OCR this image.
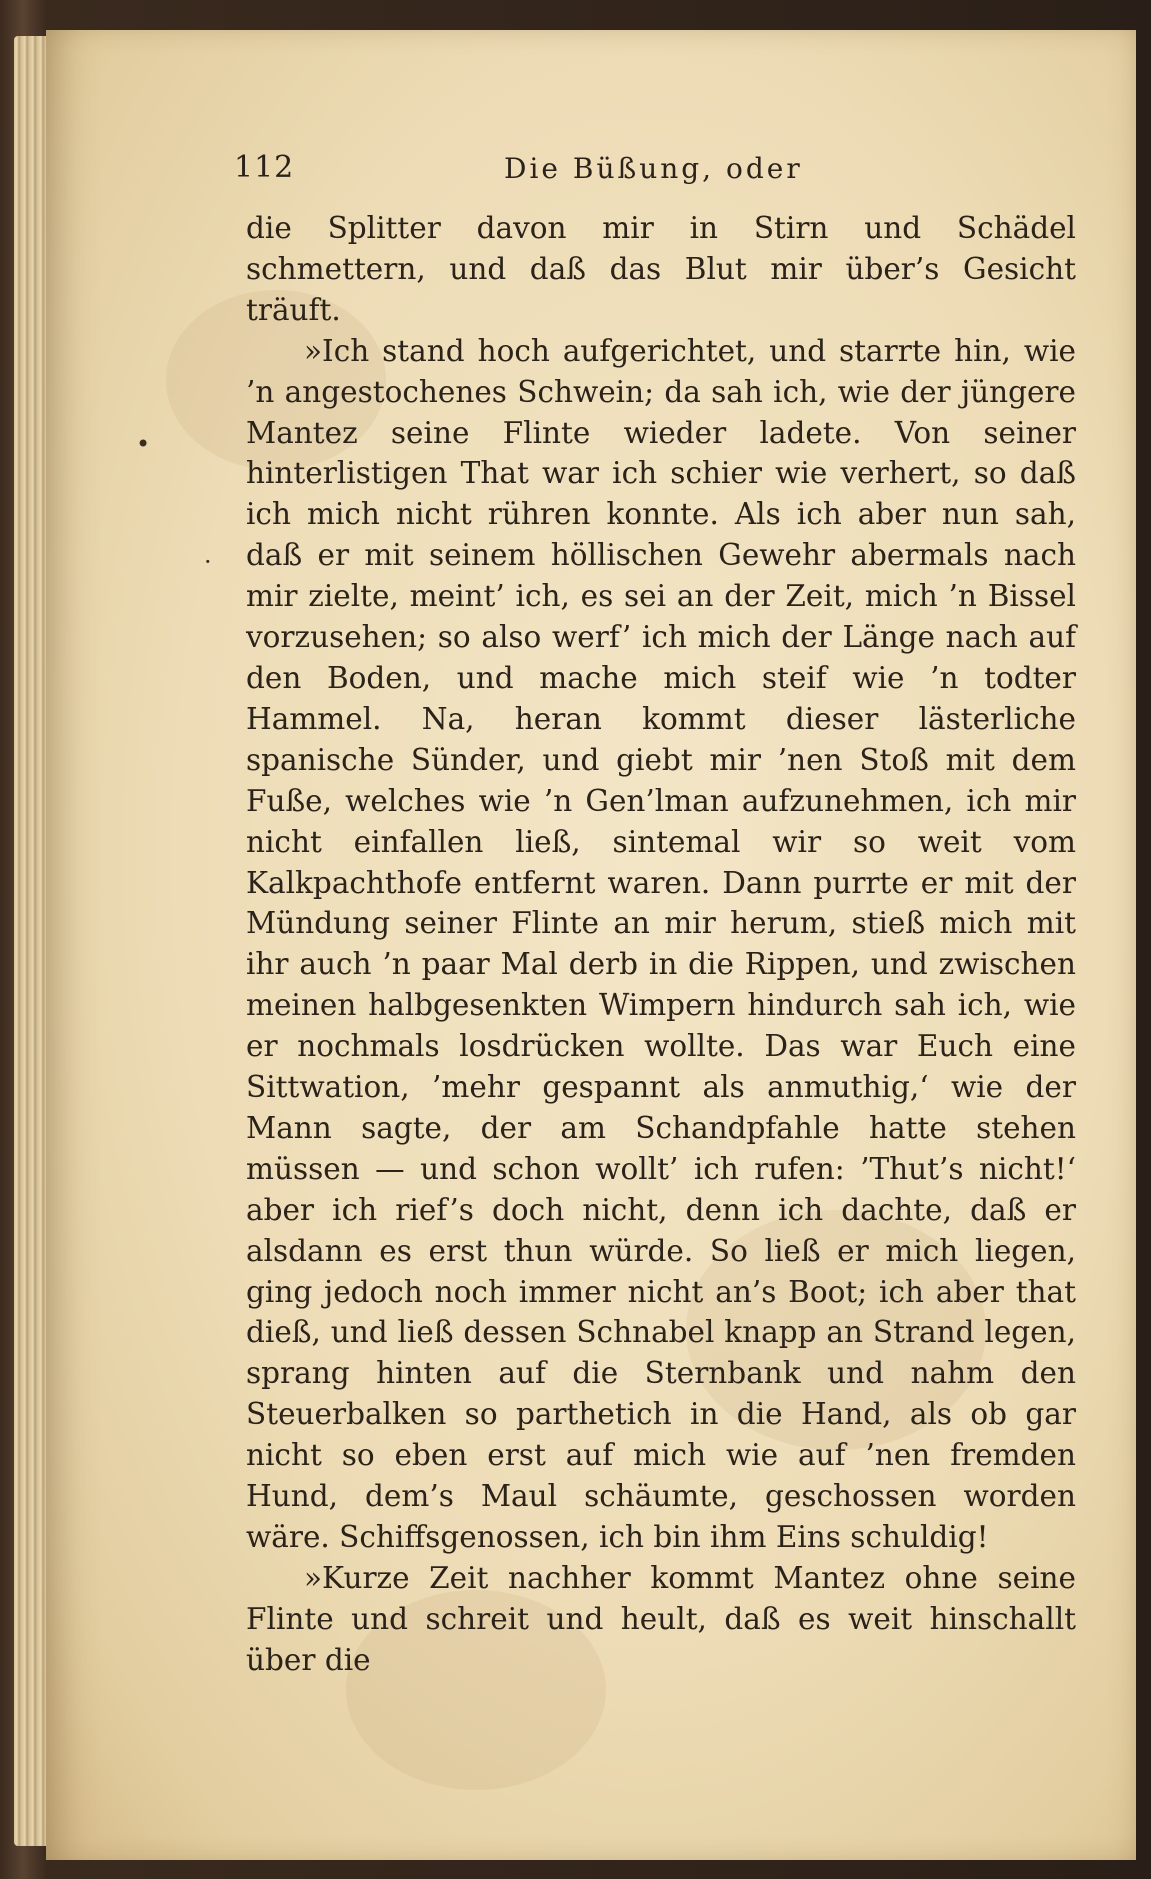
112	Die Büßung, oder

die Splitter davon mir in Stirn und Schädel schmettern, und daß das Blut mir über’s Gesicht träuft.

»Ich stand hoch aufgerichtet, und starrte hin, wie ’n angestochenes Schwein; da sah ich, wie der jüngere Mantez seine Flinte wieder ladete. Von seiner hinterlistigen That war ich schier wie verhert, so daß ich mich nicht rühren konnte. Als ich aber nun sah, daß er mit seinem höllischen Gewehr abermals nach mir zielte, meint’ ich, es sei an der Zeit, mich ’n Bissel vorzusehen; so also werf’ ich mich der Länge nach auf den Boden, und mache mich steif wie ’n todter Hammel. Na, heran kommt dieser lästerliche spanische Sünder, und giebt mir ’nen Stoß mit dem Fuße, welches wie ’n Gen’lman aufzunehmen, ich mir nicht einfallen ließ, sintemal wir so weit vom Kalkpachthofe entfernt waren. Dann purrte er mit der Mündung seiner Flinte an mir herum, stieß mich mit ihr auch ’n paar Mal derb in die Rippen, und zwischen meinen halbgesenkten Wimpern hindurch sah ich, wie er nochmals losdrücken wollte. Das war Euch eine Sittwation, ’mehr gespannt als anmuthig,‘ wie der Mann sagte, der am Schandpfahle hatte stehen müssen — und schon wollt’ ich rufen: ’Thut’s nicht!‘ aber ich rief’s doch nicht, denn ich dachte, daß er alsdann es erst thun würde. So ließ er mich liegen, ging jedoch noch immer nicht an’s Boot; ich aber that dieß, und ließ dessen Schnabel knapp an Strand legen, sprang hinten auf die Sternbank und nahm den Steuerbalken so parthetich in die Hand, als ob gar nicht so eben erst auf mich wie auf ’nen fremden Hund, dem’s Maul schäumte, geschossen worden wäre. Schiffsgenossen, ich bin ihm Eins schuldig!

»Kurze Zeit nachher kommt Mantez ohne seine Flinte und schreit und heult, daß es weit hinschallt über die

•
·
